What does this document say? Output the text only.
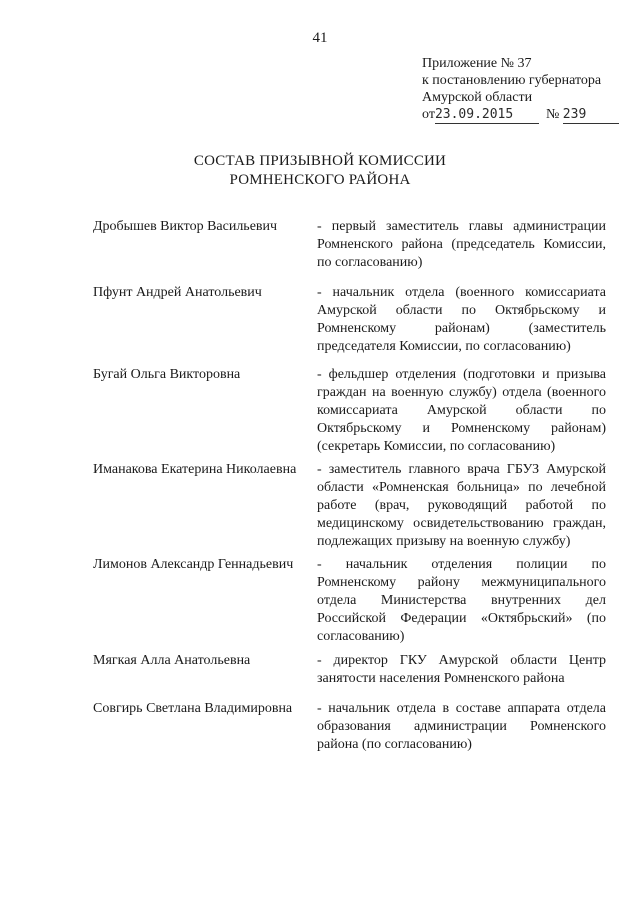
41
Приложение № 37
к постановлению губернатора
Амурской области
от23.09.2015 № 239
СОСТАВ ПРИЗЫВНОЙ КОМИССИИ
РОМНЕНСКОГО РАЙОНА
Дробышев Виктор Васильевич	- первый заместитель главы администрации Ромненского района (председатель Комиссии, по согласованию)
Пфунт Андрей Анатольевич	- начальник отдела (военного комиссариата Амурской области по Октябрьскому и Ромненскому районам) (заместитель председателя Комиссии, по согласованию)
Бугай Ольга Викторовна	- фельдшер отделения (подготовки и призыва граждан на военную службу) отдела (военного комиссариата Амурской области по Октябрьскому и Ромненскому районам) (секретарь Комиссии, по согласованию)
Иманакова Екатерина Николаевна - заместитель главного врача ГБУЗ Амурской области «Ромненская больница» по лечебной работе (врач, руководящий работой по медицинскому освидетельствованию граждан, подлежащих призыву на военную службу)
Лимонов Александр Геннадьевич - начальник отделения полиции по Ромненскому району межмуниципального отдела Министерства внутренних дел Российской Федерации «Октябрьский» (по согласованию)
Мягкая Алла Анатольевна	- директор ГКУ Амурской области Центр занятости населения Ромненского района
Совгирь Светлана Владимировна - начальник отдела в составе аппарата отдела образования администрации Ромненского района (по согласованию)
